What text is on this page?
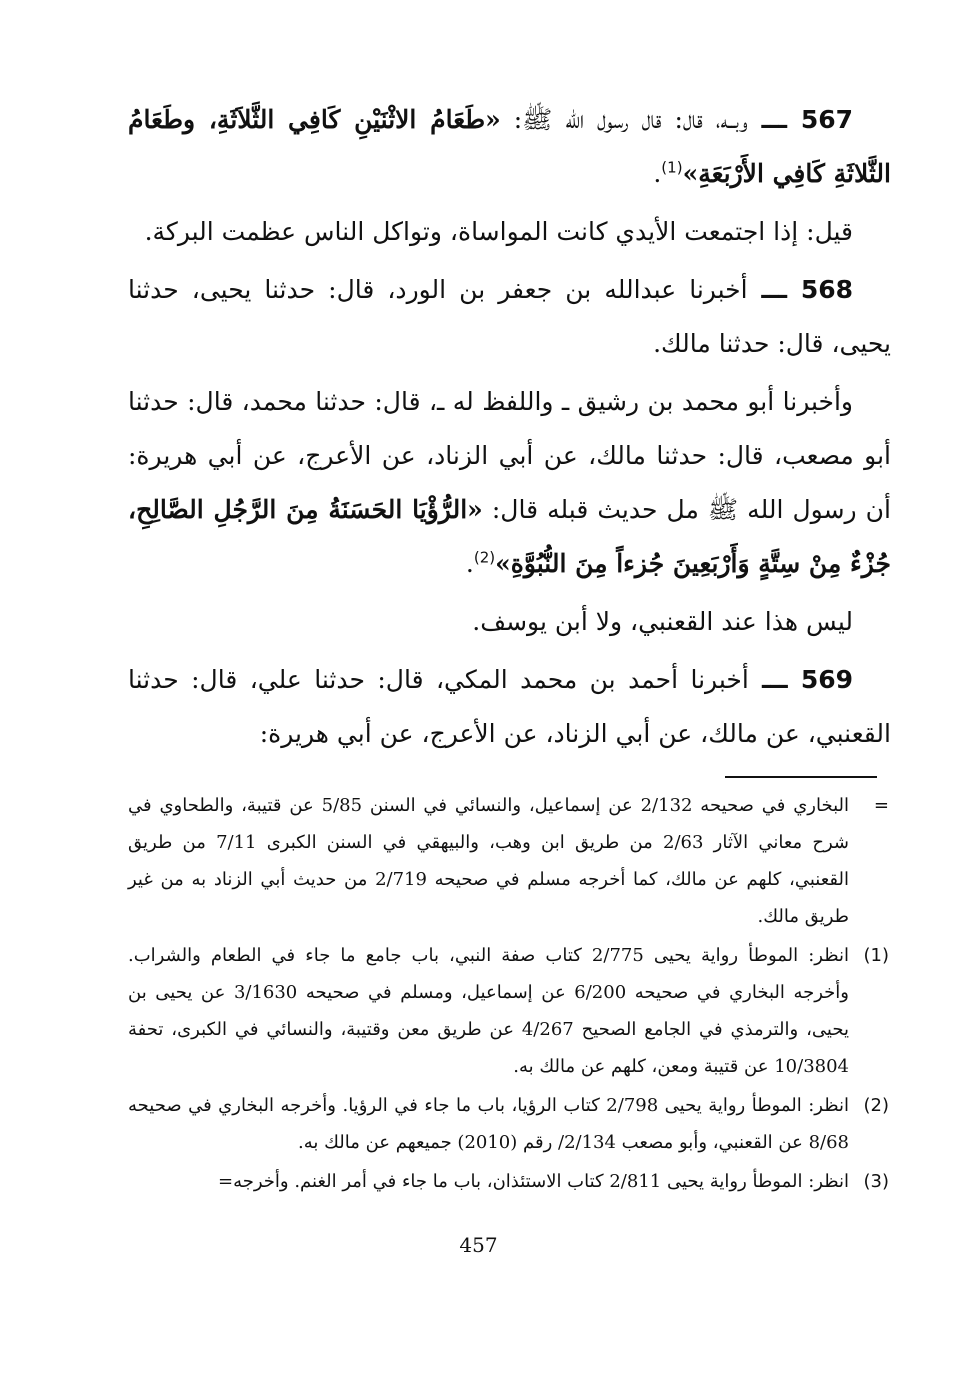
567 ـــ وبــه، قال: قال رسول الله ﷺ: «طَعَامُ الاثْنَيْنِ كَافِي الثَّلاَثَةِ، وطَعَامُ الثَّلاثَةِ كَافِي الأَرْبَعَةِ»$^{(1)}$.

قيل: إذا اجتمعت الأيدي كانت المواساة، وتواكل الناس عظمت البركة.

568 ـــ أخبرنا عبدالله بن جعفر بن الورد، قال: حدثنا يحيى، حدثنا يحيى، قال: حدثنا مالك.

وأخبرنا أبو محمد بن رشيق ـ واللفظ له ـ، قال: حدثنا محمد، قال: حدثنا أبو مصعب، قال: حدثنا مالك، عن أبي الزناد، عن الأعرج، عن أبي هريرة: أن رسول الله ﷺ مل حديث قبله قال: «الرُّؤْيَا الحَسَنَةُ مِنَ الرَّجُلِ الصَّالِحِ، جُزْءٌ مِنْ سِتَّةٍ وَأَرْبَعِينَ جُزءاً مِنَ النُّبُوَّةِ»$^{(2)}$.

ليس هذا عند القعنبي، ولا أبن يوسف.

569 ـــ أخبرنا أحمد بن محمد المكي، قال: حدثنا علي، قال: حدثنا القعنبي، عن مالك، عن أبي الزناد، عن الأعرج، عن أبي هريرة:

=
البخاري في صحيحه 2/132 عن إسماعيل، والنسائي في السنن 5/85 عن قتيبة، والطحاوي في شرح معاني الآثار 2/63 من طريق ابن وهب، والبيهقي في السنن الكبرى 7/11 من طريق القعنبي، كلهم عن مالك، كما أخرجه مسلم في صحيحه 2/719 من حديث أبي الزناد به من غير طريق مالك.
(1)
انظر: الموطأ رواية يحيى 2/775 كتاب صفة النبي، باب جامع ما جاء في الطعام والشراب. وأخرجه البخاري في صحيحه 6/200 عن إسماعيل، ومسلم في صحيحه 3/1630 عن يحيى بن يحيى، والترمذي في الجامع الصحيح 4/267 عن طريق معن وقتيبة، والنسائي في الكبرى، تحفة 10/3804 عن قتيبة ومعن، كلهم عن مالك به.
(2)
انظر: الموطأ رواية يحيى 2/798 كتاب الرؤيا، باب ما جاء في الرؤيا. وأخرجه البخاري في صحيحه 8/68 عن القعنبي، وأبو مصعب 2/134/ رقم (2010) جميعهم عن مالك به.
(3)
انظر: الموطأ رواية يحيى 2/811 كتاب الاستئذان، باب ما جاء في أمر الغنم. وأخرجه=
457
